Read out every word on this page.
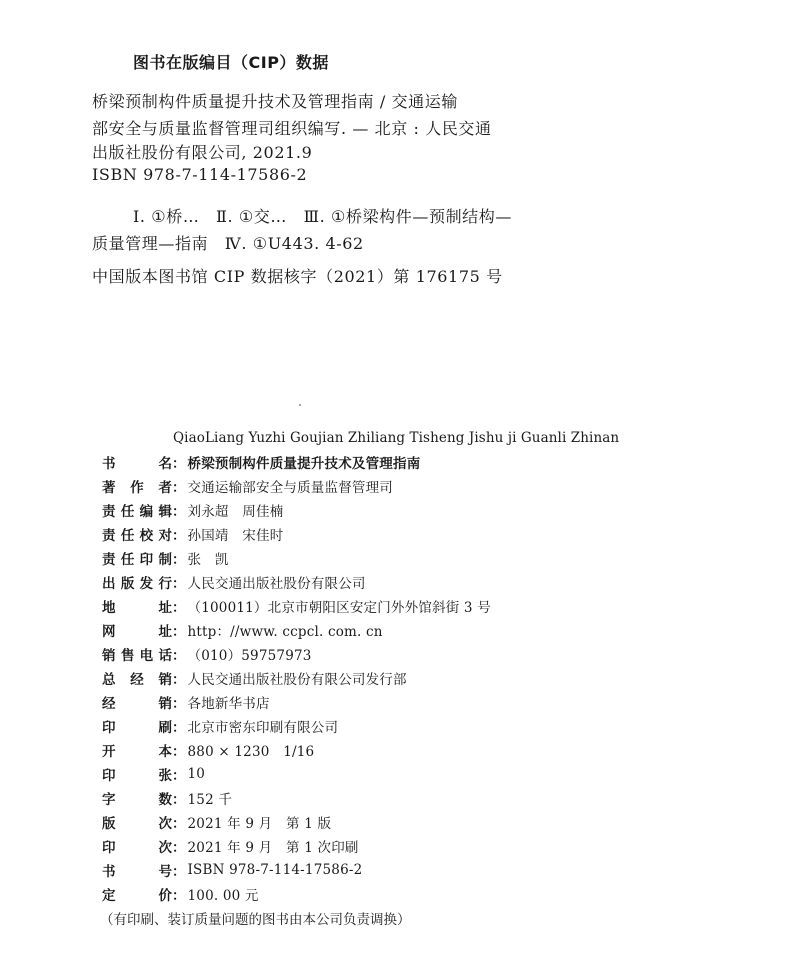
图书在版编目（CIP）数据
桥梁预制构件质量提升技术及管理指南 / 交通运输
部安全与质量监督管理司组织编写. — 北京 : 人民交通
出版社股份有限公司, 2021.9
ISBN 978-7-114-17586-2
Ⅰ. ①桥…　Ⅱ. ①交…　Ⅲ. ①桥梁构件—预制结构—
质量管理—指南　Ⅳ. ①U443. 4-62
中国版本图书馆 CIP 数据核字（2021）第 176175 号
QiaoLiang Yuzhi Goujian Zhiliang Tisheng Jishu ji Guanli Zhinan
书　名 ： 桥梁预制构件质量提升技术及管理指南
著 作 者 ： 交通运输部安全与质量监督管理司
责任编辑 ： 刘永超　周佳楠
责任校对 ： 孙国靖　宋佳时
责任印制 ： 张　凯
出版发行 ： 人民交通出版社股份有限公司
地　址 ： （100011）北京市朝阳区安定门外外馆斜街 3 号
网　址 ： http：//www. ccpcl. com. cn
销售电话 ： （010）59757973
总 经 销 ： 人民交通出版社股份有限公司发行部
经　销 ： 各地新华书店
印　刷 ： 北京市密东印刷有限公司
开　本 ： 880 × 1230　1/16
印　张 ： 10
字　数 ： 152 千
版　次 ： 2021 年 9 月　第 1 版
印　次 ： 2021 年 9 月　第 1 次印刷
书　号 ： ISBN 978-7-114-17586-2
定　价 ： 100. 00 元
（有印刷、装订质量问题的图书由本公司负责调换）
